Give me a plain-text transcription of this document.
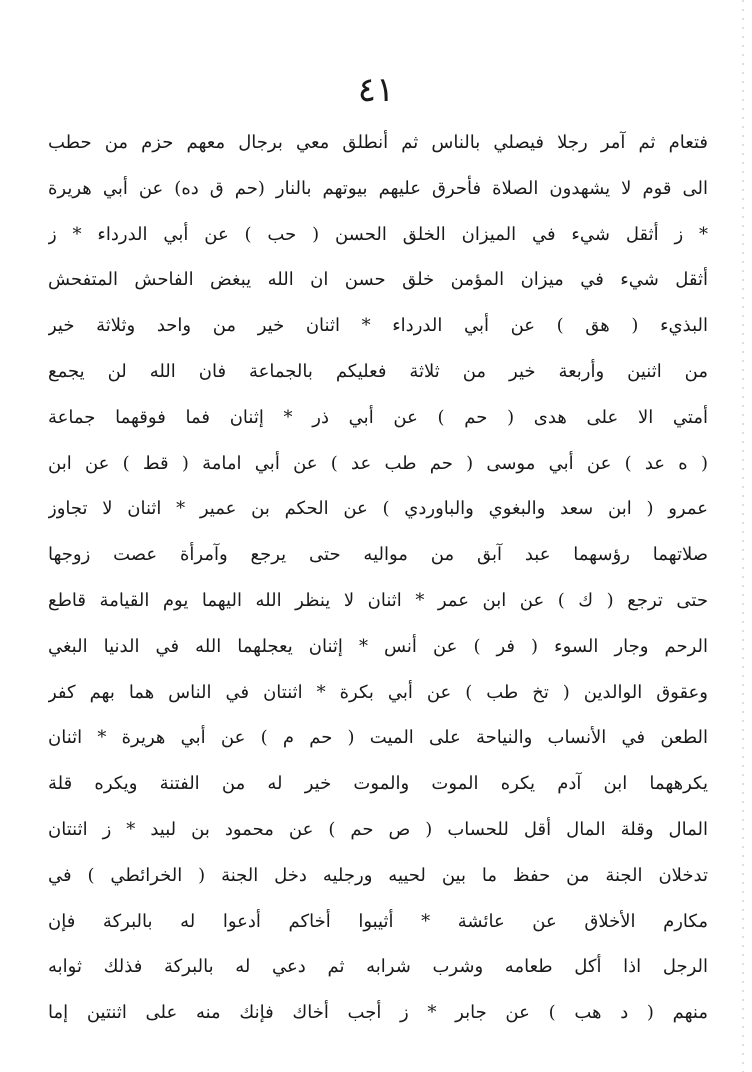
٤١
فتعام ثم آمر رجلا فيصلي بالناس ثم أنطلق معي برجال معهم حزم من حطب
الى قوم لا يشهدون الصلاة فأحرق عليهم بيوتهم بالنار (حم ق ده) عن أبي هريرة
* ز أثقل شيء في الميزان الخلق الحسن ( حب ) عن أبي الدرداء * ز
أثقل شيء في ميزان المؤمن خلق حسن ان الله يبغض الفاحش المتفحش
البذيء ( هق ) عن أبي الدرداء * اثنان خير من واحد وثلاثة خير
من اثنين وأربعة خير من ثلاثة فعليكم بالجماعة فان الله لن يجمع
أمتي الا على هدى ( حم ) عن أبي ذر * إثنان فما فوقهما جماعة
( ه عد ) عن أبي موسى ( حم طب عد ) عن أبي امامة ( قط ) عن ابن
عمرو ( ابن سعد والبغوي والباوردي ) عن الحكم بن عمير * اثنان لا تجاوز
صلاتهما رؤسهما عبد آبق من مواليه حتى يرجع وآمرأة عصت زوجها
حتى ترجع ( ك ) عن ابن عمر * اثنان لا ينظر الله اليهما يوم القيامة قاطع
الرحم وجار السوء ( فر ) عن أنس * إثنان يعجلهما الله في الدنيا البغي
وعقوق الوالدين ( تخ طب ) عن أبي بكرة * اثنتان في الناس هما بهم كفر
الطعن في الأنساب والنياحة على الميت ( حم م ) عن أبي هريرة * اثنان
يكرههما ابن آدم يكره الموت والموت خير له من الفتنة ويكره قلة
المال وقلة المال أقل للحساب ( ص حم ) عن محمود بن لبيد * ز اثنتان
تدخلان الجنة من حفظ ما بين لحييه ورجليه دخل الجنة ( الخرائطي ) في
مكارم الأخلاق عن عائشة * أثيبوا أخاكم أدعوا له بالبركة فإن
الرجل اذا أكل طعامه وشرب شرابه ثم دعي له بالبركة فذلك ثوابه
منهم ( د هب ) عن جابر * ز أجب أخاك فإنك منه على اثنتين إما
